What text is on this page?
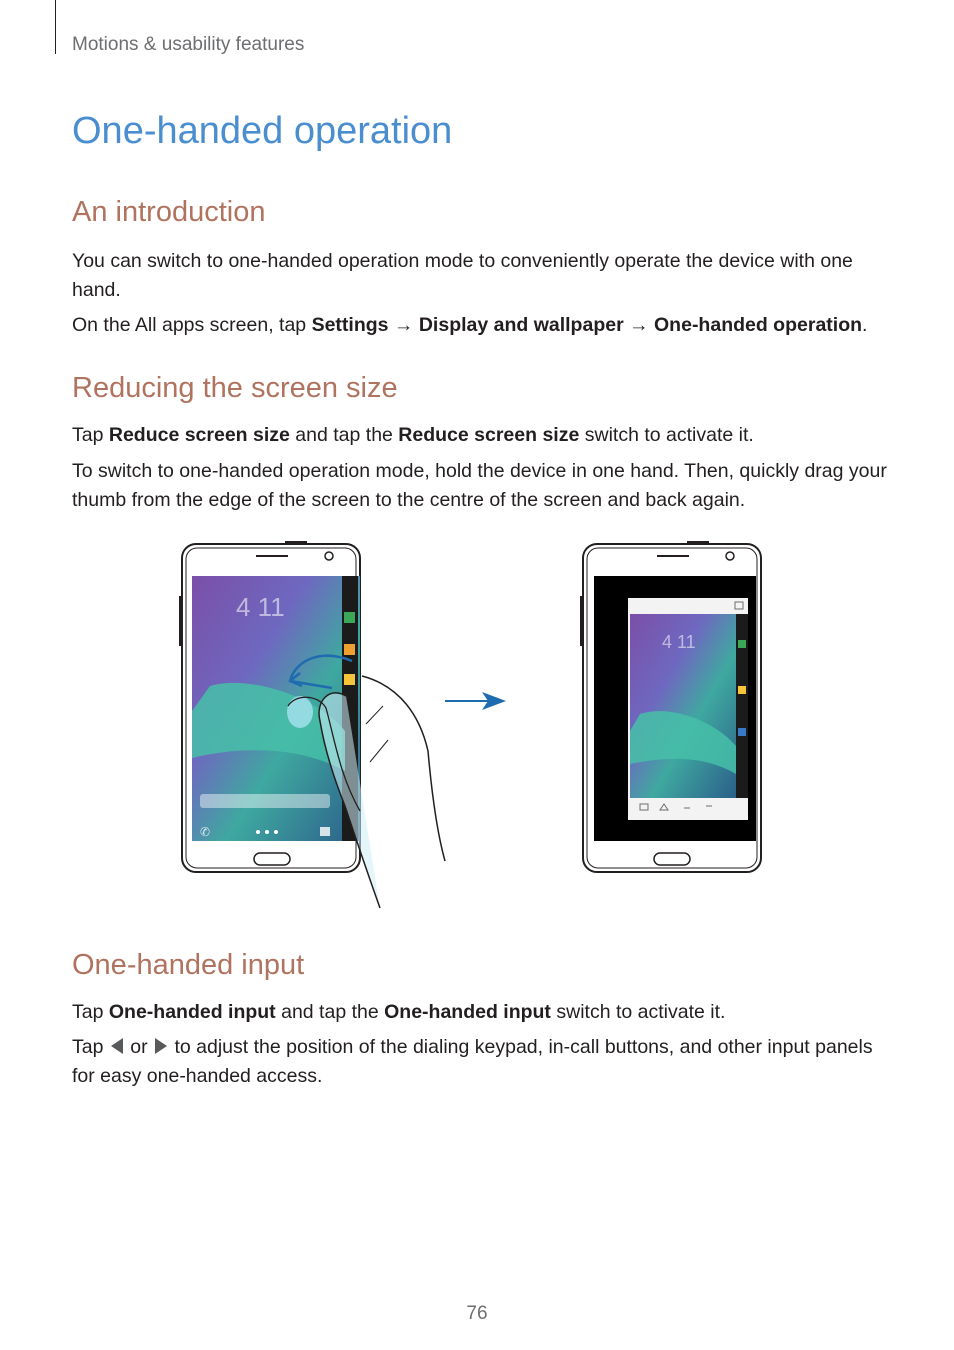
Motions & usability features
One-handed operation
An introduction

You can switch to one-handed operation mode to conveniently operate the device with one hand.

On the All apps screen, tap Settings → Display and wallpaper → One-handed operation.

Reducing the screen size

Tap Reduce screen size and tap the Reduce screen size switch to activate it.

To switch to one-handed operation mode, hold the device in one hand. Then, quickly drag your thumb from the edge of the screen to the centre of the screen and back again.

4 11
✆
4 11
One-handed input

Tap One-handed input and tap the One-handed input switch to activate it.

Tap  or  to adjust the position of the dialing keypad, in-call buttons, and other input panels for easy one-handed access.

76
